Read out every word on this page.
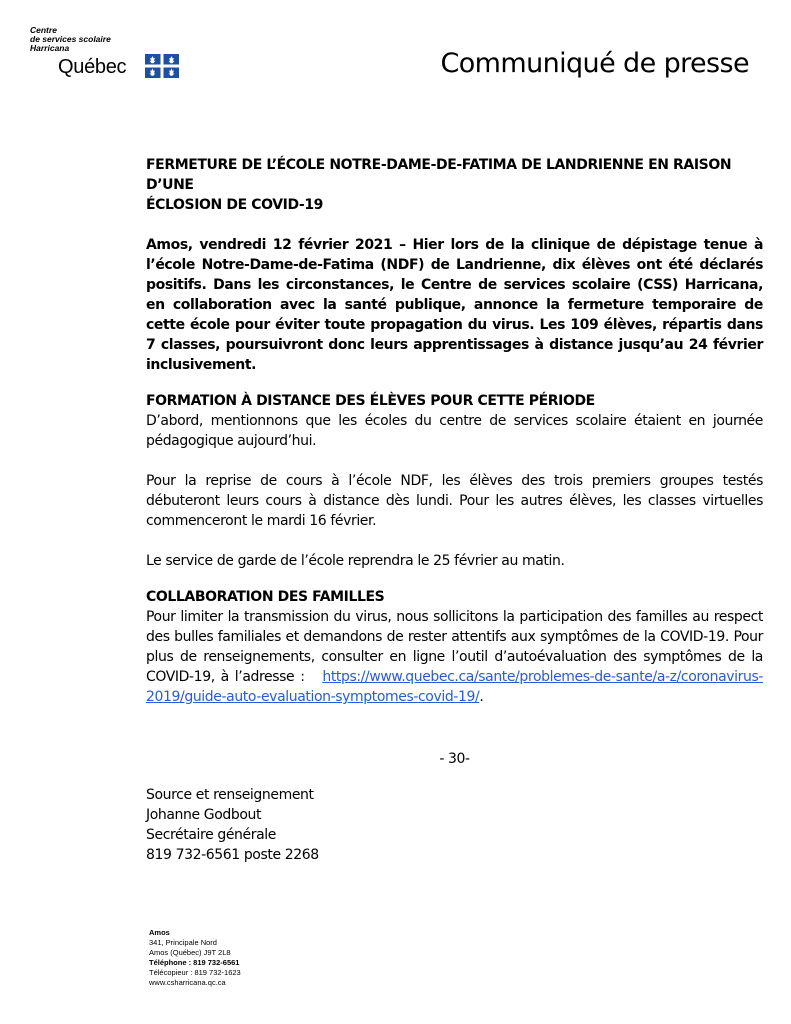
Centre
de services scolaire
Harricana
Québec	Communiqué de presse

FERMETURE DE L’ÉCOLE NOTRE-DAME-DE-FATIMA DE LANDRIENNE EN RAISON D’UNE
ÉCLOSION DE COVID-19

Amos, vendredi 12 février 2021 – Hier lors de la clinique de dépistage tenue à l’école Notre-Dame-de-Fatima (NDF) de Landrienne, dix élèves ont été déclarés positifs. Dans les circonstances, le Centre de services scolaire (CSS) Harricana, en collaboration avec la santé publique, annonce la fermeture temporaire de cette école pour éviter toute propagation du virus. Les 109 élèves, répartis dans 7 classes, poursuivront donc leurs apprentissages à distance jusqu’au 24 février inclusivement.

FORMATION À DISTANCE DES ÉLÈVES POUR CETTE PÉRIODE

D’abord, mentionnons que les écoles du centre de services scolaire étaient en journée pédagogique aujourd’hui.

Pour la reprise de cours à l’école NDF, les élèves des trois premiers groupes testés débuteront leurs cours à distance dès lundi. Pour les autres élèves, les classes virtuelles commenceront le mardi 16 février.

Le service de garde de l’école reprendra le 25 février au matin.

COLLABORATION DES FAMILLES

Pour limiter la transmission du virus, nous sollicitons la participation des familles au respect des bulles familiales et demandons de rester attentifs aux symptômes de la COVID-19. Pour plus de renseignements, consulter en ligne l’outil d’autoévaluation des symptômes de la COVID-19, à l’adresse : https://www.quebec.ca/sante/problemes-de-sante/a-z/coronavirus-2019/guide-auto-evaluation-symptomes-covid-19/.

- 30-

Source et renseignement
Johanne Godbout
Secrétaire générale
819 732-6561 poste 2268
Amos
341, Principale Nord
Amos (Québec) J9T 2L8
Téléphone : 819 732-6561
Télécopieur : 819 732-1623
www.csharricana.qc.ca
